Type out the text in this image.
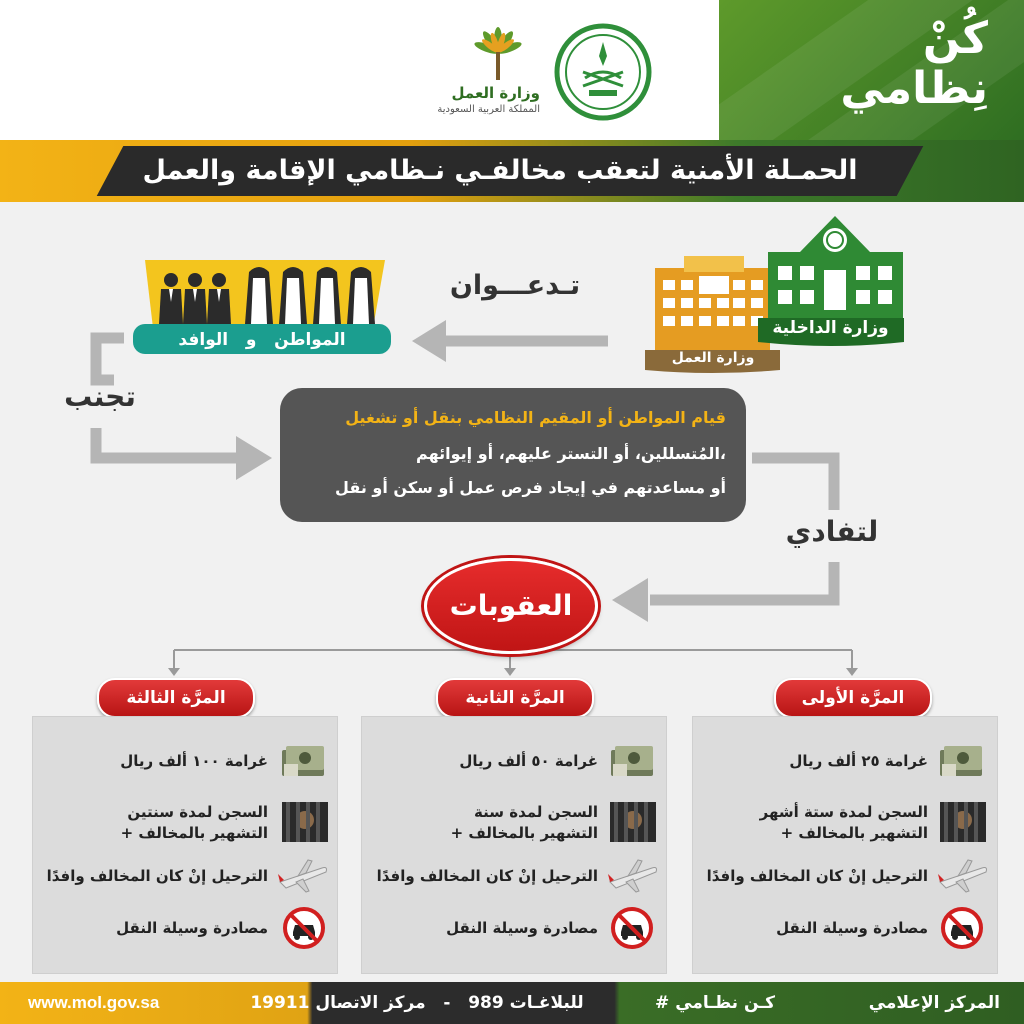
كُنْ
نِظامي
وزارة العمل
المملكة العربية السعودية
الحمـلة الأمنية لتعقب مخالفـي نـظامي الإقامة والعمل
وزارة الداخلية
وزارة العمل
المواطن   و   الوافد
تـدعـــوان
تجنب
لتفادي
قيام المواطن أو المقيم النظامي بنقل أو تشغيل
المُتسللين، أو التستر عليهم، أو إيوائهم،
أو مساعدتهم في إيجاد فرص عمل أو سكن أو نقل
العقوبات
المرَّة الأولى
المرَّة الثانية
المرَّة الثالثة
غرامة ٢٥ ألف ريال
السجن لمدة ستة أشهر
+ التشهير بالمخالف
الترحيل إنْ كان المخالف وافدًا
مصادرة وسيلة النقل
غرامة ٥٠ ألف ريال
السجن لمدة سنة
+ التشهير بالمخالف
الترحيل إنْ كان المخالف وافدًا
مصادرة وسيلة النقل
غرامة ١٠٠ ألف ريال
السجن لمدة سنتين
+ التشهير بالمخالف
الترحيل إنْ كان المخالف وافدًا
مصادرة وسيلة النقل
www.mol.gov.sa	للبلاغـات 989   -   مركز الاتصال 19911	# كـن نظـامي	المركز الإعلامي
